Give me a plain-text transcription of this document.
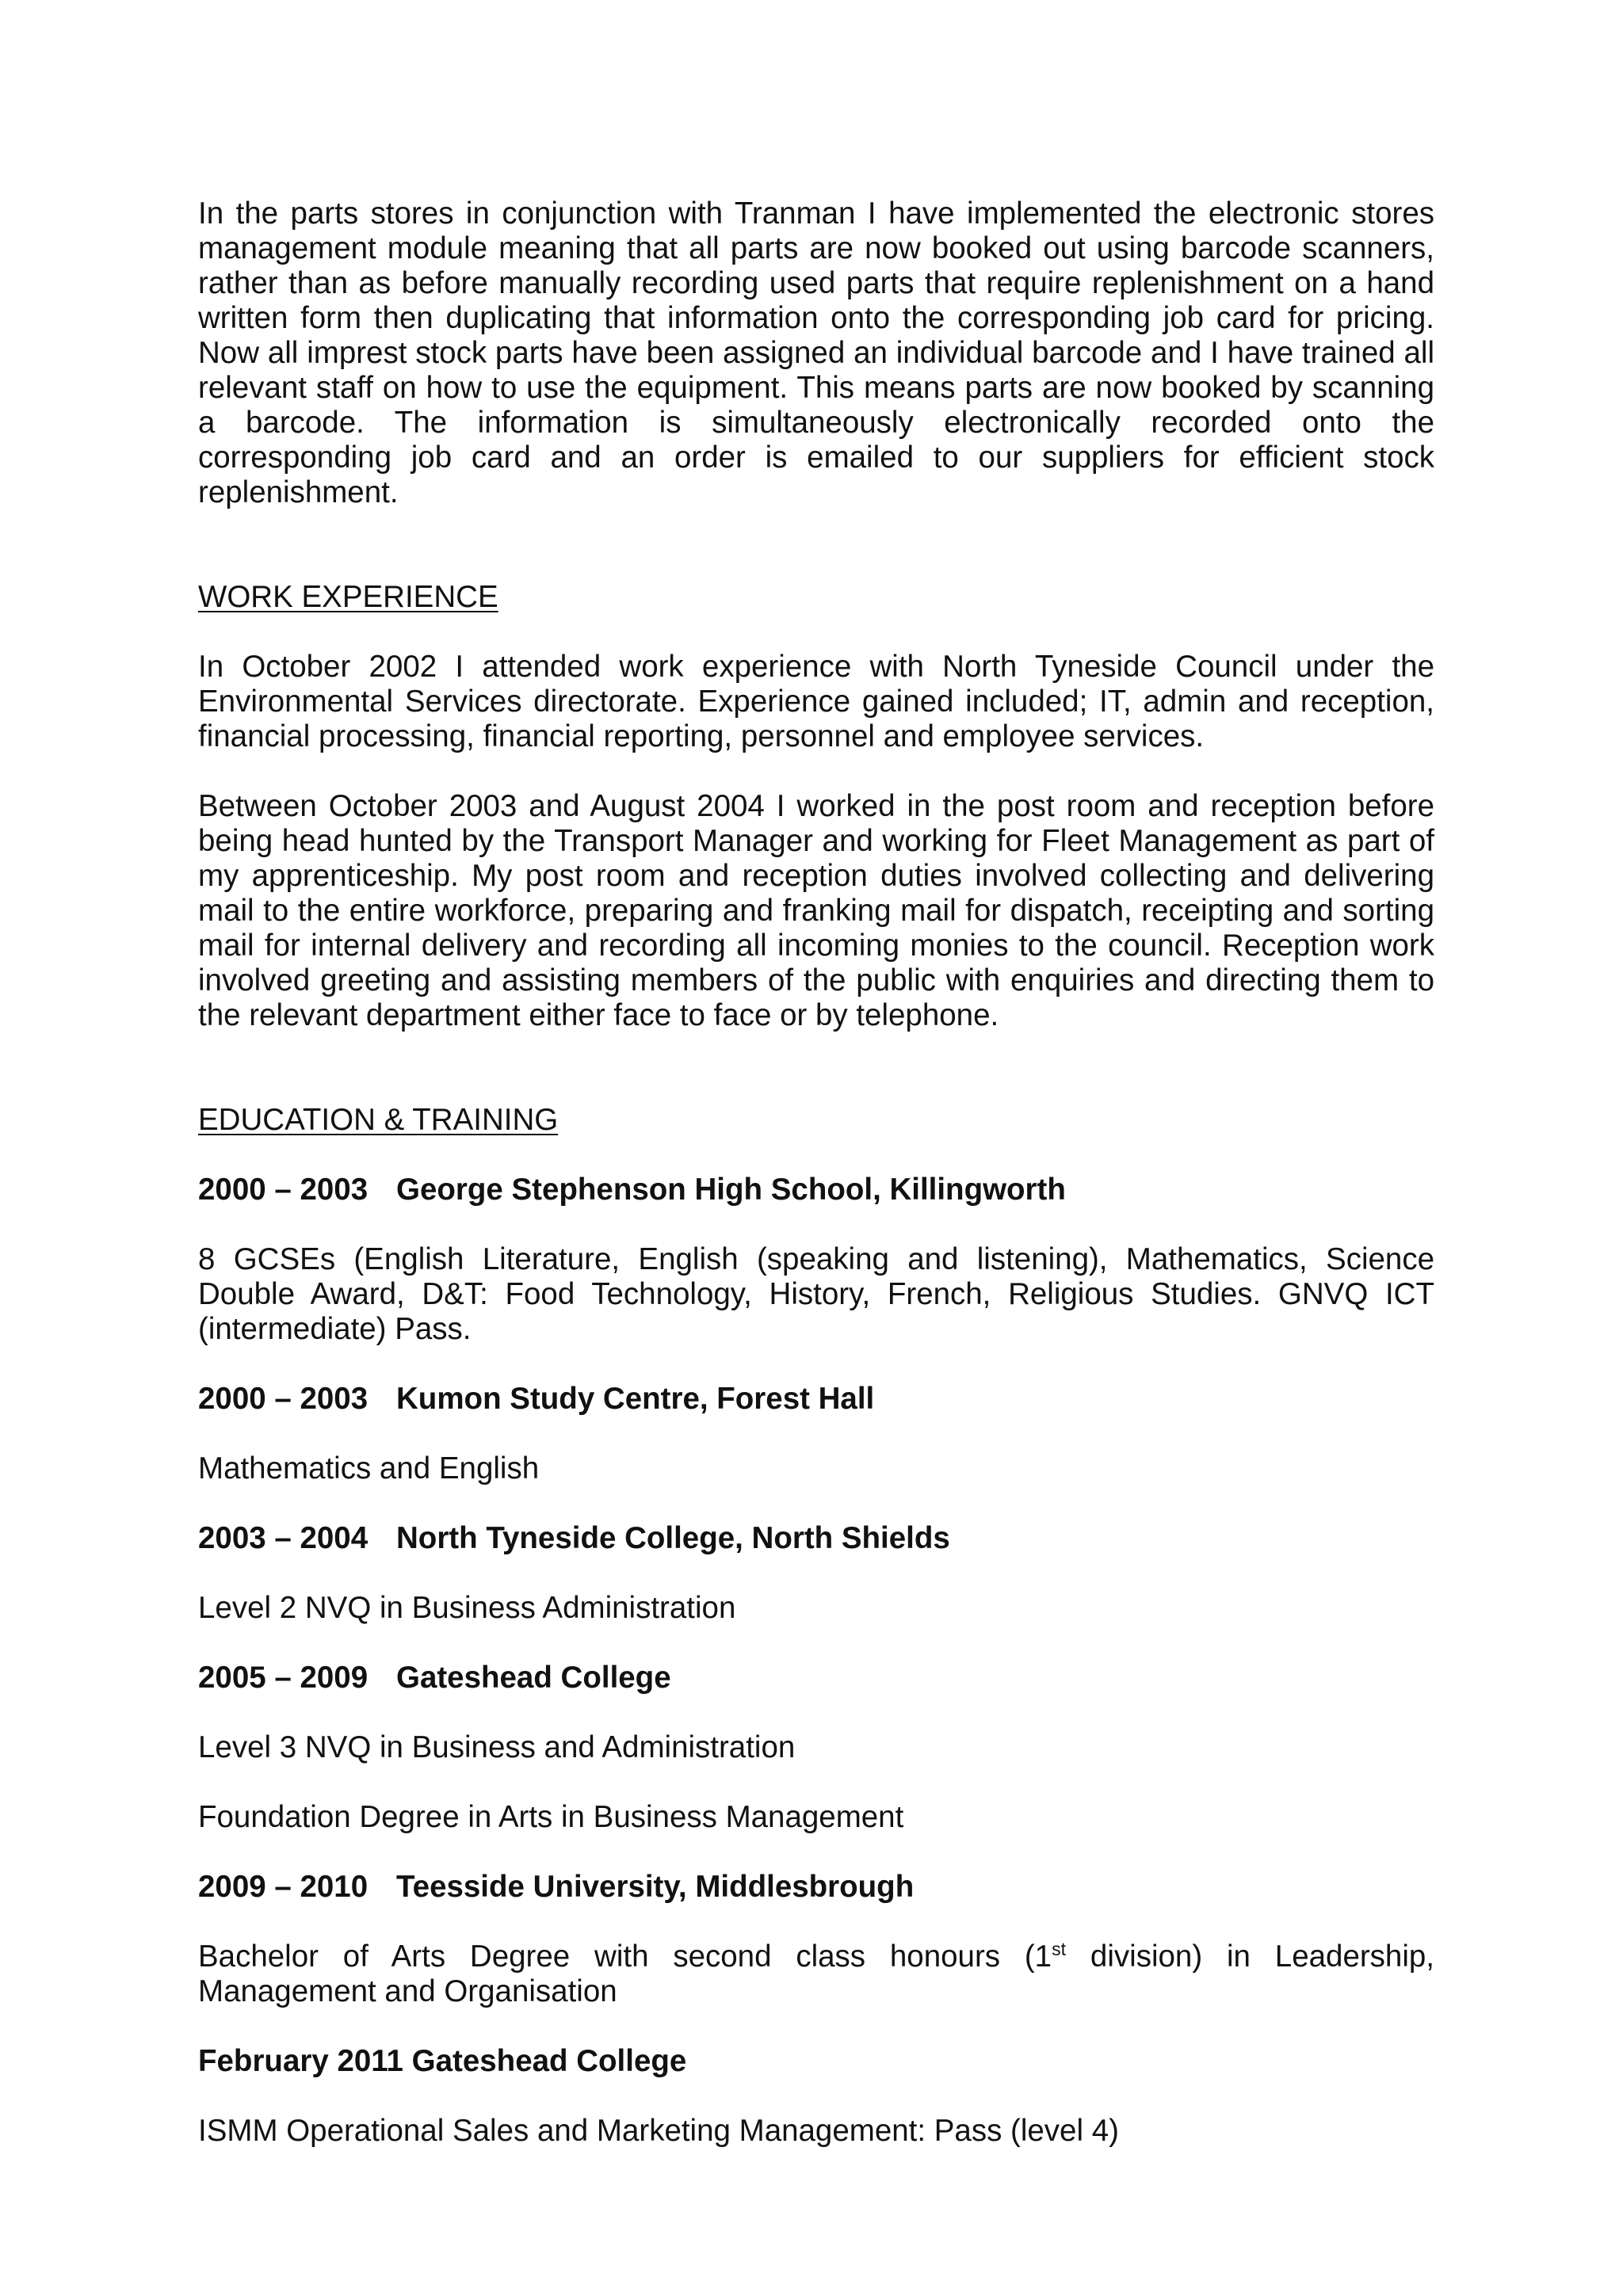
In the parts stores in conjunction with Tranman I have implemented the electronic stores management module meaning that all parts are now booked out using barcode scanners, rather than as before manually recording used parts that require replenishment on a hand written form then duplicating that information onto the corresponding job card for pricing. Now all imprest stock parts have been assigned an individual barcode and I have trained all relevant staff on how to use the equipment. This means parts are now booked by scanning a barcode. The information is simultaneously electronically recorded onto the corresponding job card and an order is emailed to our suppliers for efficient stock replenishment.

WORK EXPERIENCE

In October 2002 I attended work experience with North Tyneside Council under the Environmental Services directorate. Experience gained included; IT, admin and reception, financial processing, financial reporting, personnel and employee services.

Between October 2003 and August 2004 I worked in the post room and reception before being head hunted by the Transport Manager and working for Fleet Management as part of my apprenticeship. My post room and reception duties involved collecting and delivering mail to the entire workforce, preparing and franking mail for dispatch, receipting and sorting mail for internal delivery and recording all incoming monies to the council. Reception work involved greeting and assisting members of the public with enquiries and directing them to the relevant department either face to face or by telephone.

EDUCATION & TRAINING

2000 – 2003 George Stephenson High School, Killingworth

8 GCSEs (English Literature, English (speaking and listening), Mathematics, Science Double Award, D&T: Food Technology, History, French, Religious Studies. GNVQ ICT (intermediate) Pass.

2000 – 2003 Kumon Study Centre, Forest Hall

Mathematics and English

2003 – 2004 North Tyneside College, North Shields

Level 2 NVQ in Business Administration

2005 – 2009 Gateshead College

Level 3 NVQ in Business and Administration

Foundation Degree in Arts in Business Management

2009 – 2010 Teesside University, Middlesbrough

Bachelor of Arts Degree with second class honours (1st division) in Leadership, Management and Organisation

February 2011 Gateshead College

ISMM Operational Sales and Marketing Management: Pass (level 4)
